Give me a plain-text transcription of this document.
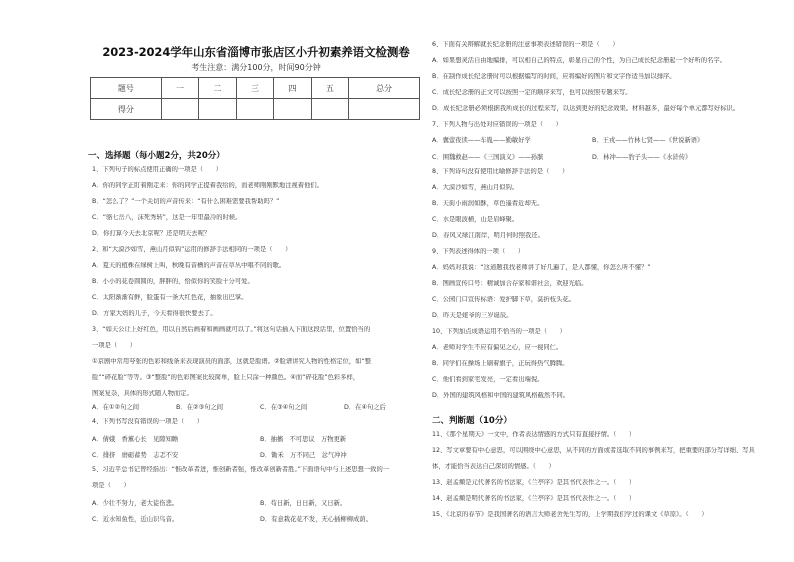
2023-2024学年山东省淄博市张店区小升初素养语文检测卷
考生注意：满分100分，时间90分钟
题号	一	二	三	四	五	总分
得分						
一、选择题（每小题2分，共20分）
1、下列句子的标点使用正确的一项是（　　）
A．你的同学正盯着刚走来：你的同学正提着我给的，而老师刚刚默地注视着他们。
B．“怎么了？”一个关切的声音传来：“有什么困难需要我帮助吗？”
C．“骆七岳八，沫死秀转”，这是一年里最冷的时候。
D．你打算今天去北京呢？还是明天去呢？
2、和“大漠沙如雪，燕山月似钩”运用的修辞手法相同的一项是（　　）
A．夏天的植株在绿树上叫，秋晚有音槽的声音在草丛中唱不同的歌。
B．小小的花卷圆圆的，胖胖的，恰似你的笑脸十分可爱。
C．太阳渐渐有鲜，脸蛋有一条大红色花，抽象出巴掌。
D．方家大妈的儿子，今天看得很快要去了。
3、“如天公让上好红色，用以自然后画着和画画就可以了。”将这句话插入下面这段话里，位置恰当的
一项是（　　）
①京剧中常用夸张的色彩和线条来表现演员的面部，这就是脸谱。②脸谱讲究人物的性格定位，如“整
脸”“碎花脸”等等。③“整脸”的色彩图案比较简单，脸上只涂一种颜色。④而“碎花脸”色彩多样，
图案复杂，具体的形式随人物而定。
A．在①②句之间	B．在②③句之间	C．在③④句之间	D．在④句之后
4、下列书写没有错误的一项是（　　）
A．倩娥　香薰心长　见隙知瞻	B．抽搐　不可思议　万物更新
C．排挤　磨砺蓄势　志忑不安	D．锄禾　万不同己　忿气冲冲
5、习近平总书记曾经指出：“惟改革者进，惟创新者强，惟改革创新者胜。”下面语句中与上述思想一致的一
项是（　　）
A．少壮不努力，老大徒伤悲。	B．苟日新，日日新，又日新。
C．近水知鱼性，近山识鸟音。	D．有意栽花花不发，无心插柳柳成荫。
6、下面有关辩解就长纪念册的注意事项表述错误的一项是（　　）
A．如果想灵活自由地编排，可以相自己的特点，彰显自己的个性，为自己成长纪念册起一个好听的名字。
B．在制作成长纪念册时可以根据编写的时间，应将编好的图片和文字作适当加以排序。
C．成长纪念册的正文可以按照一定的顺序来写，也可以按照专题来写。
D．成长纪念册必须根据我所成长的过程来写，以达到更好的纪念效果。材料越多，最好每个单元都写好标识。
7、下列人物与出处对应错误的一项是（　　）
A．囊萤夜读——车胤——勤敏好学	B．王戎——竹林七贤——《世说新语》
C．围魏救赵——《三国演义》——孙膑	D．林冲——豹子头——《水浒传》
8、下列诗句没有使用比喻修辞手法的是（　　）
A．大漠沙如雪，燕山月似钩。
B．天街小雨润如酥，草色遥看近却无。
C．水是眼波横，山是眉峰聚。
D．春风又绿江南岸，明月何时照我还。
9、下列表述得体的一项（　　）
A．妈妈对我说：“这道题我找老师讲了好几遍了，是人都懂，你怎么听不懂？”
B．图画宣传口号：精诚加合存家和谐社会，欢迎光临。
C．公园门口宣传标语：爱护脚下草，莫折枝头花。
D．昨天是姥爷的三岁诞辰。
10、下列加点成语运用不恰当的一项是（　　）
A．老师对学生不应有偏见之心，应一视同仁。
B．同学们在操场上刷着旗子，正玩得热气腾腾。
C．他们看到家宅发亮，一定看出端倪。
D．外国的建筑风格和中国的建筑风格截然不同。
二、判断题（10分）
11、《那个星期天》一文中，作者表达情感的方式只有直接抒情。（　　）
12、写文章要有中心意思，可以围绕中心意思，从不同的方面或者选取不同的事例来写，把重要的部分写详细、写具
体，才能恰当表达自己深切的情感。（　　）
13、赵孟頫是元代著名的书法家，《兰亭序》是其书代表作之一。（　　）
14、赵孟頫是明代著名的书法家，《兰亭序》是其书代表作之一。（　　）
15、《北京的春节》是我国著名的语言大师老舍先生写的，上学期我们学过的课文《草原》。（　　）
